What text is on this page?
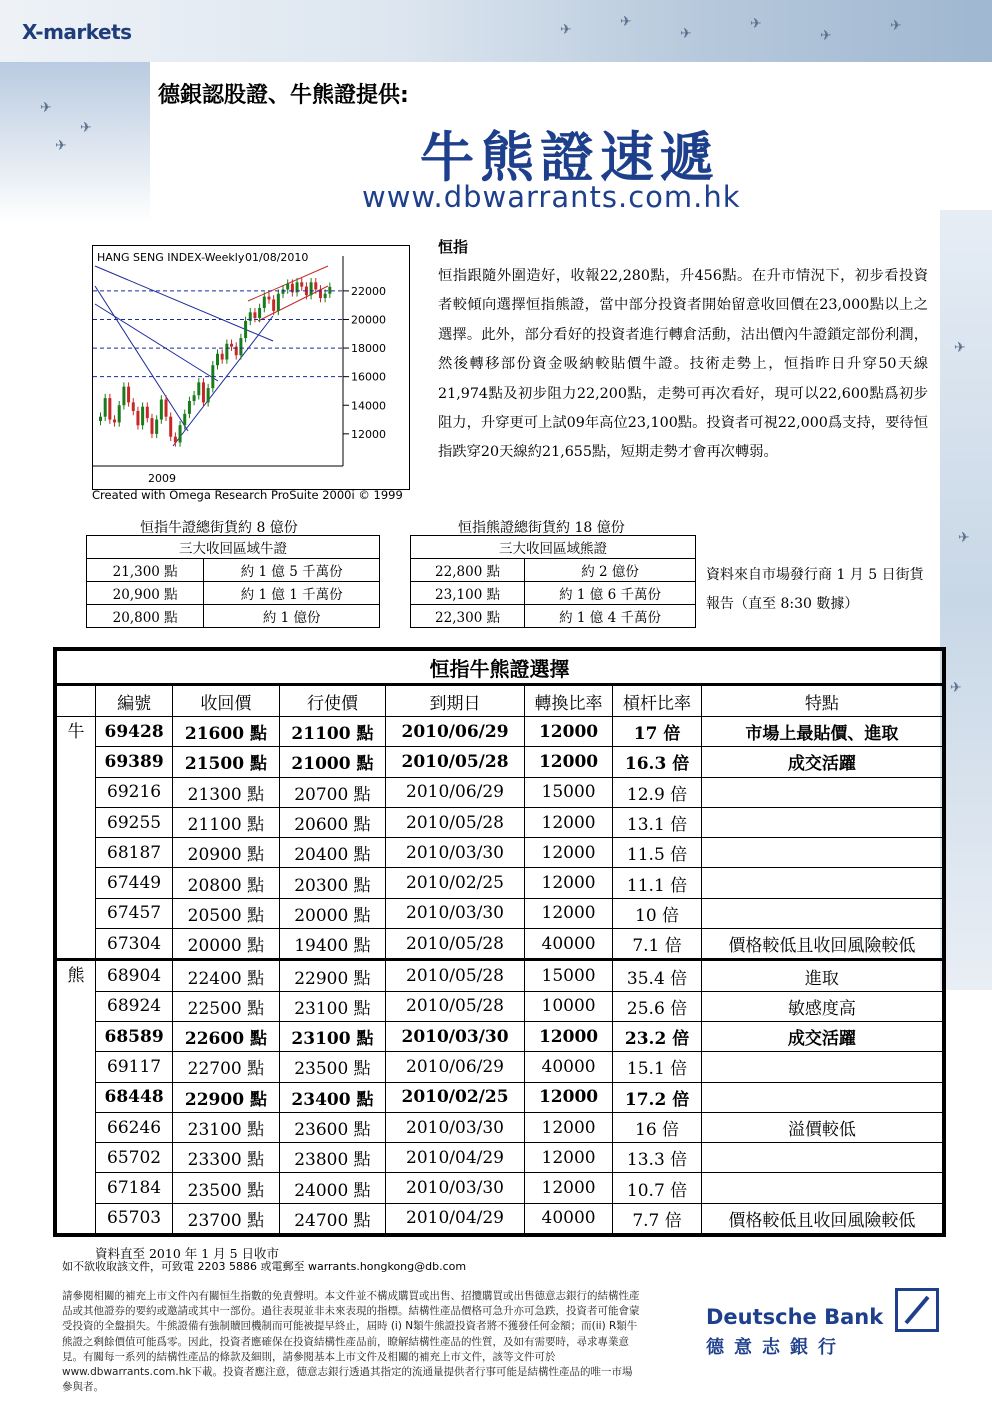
X-markets
✈
✈
✈
✈
✈
✈
✈	✈
✈
✈
✈
✈
德銀認股證、牛熊證提供:
牛熊證速遞
www.dbwarrants.com.hk
HANG SENG INDEX-Weekly 01/08/2010
2009
12000
14000
16000
18000
20000
22000
Created with Omega Research ProSuite 2000i © 1999
恒指
恒指跟隨外圍造好，收報22,280點，升456點。在升市情況下，初步看投資者較傾向選擇恒指熊證，當中部分投資者開始留意收回價在23,000點以上之選擇。此外，部分看好的投資者進行轉倉活動，沽出價內牛證鎖定部份利潤，然後轉移部份資金吸納較貼價牛證。技術走勢上，恒指昨日升穿50天線21,974點及初步阻力22,200點，走勢可再次看好，現可以22,600點爲初步阻力，升穿更可上試09年高位23,100點。投資者可視22,000爲支持，要待恒指跌穿20天線約21,655點，短期走勢才會再次轉弱。
恒指牛證總街貨約 8 億份
三大收回區域牛證	
21,300 點	約 1 億 5 千萬份
20,900 點	約 1 億 1 千萬份
20,800 點	約 1 億份
恒指熊證總街貨約 18 億份
三大收回區域熊證	
22,800 點	約 2 億份
23,100 點	約 1 億 6 千萬份
22,300 點	約 1 億 4 千萬份
資料來自市場發行商 1 月 5 日街貨報告（直至 8:30 數據）
恒指牛熊證選擇							
	編號	收回價	行使價	到期日	轉換比率	槓杆比率	特點
牛	69428	21600 點	21100 點	2010/06/29	12000	17 倍	市場上最貼價、進取
	69389	21500 點	21000 點	2010/05/28	12000	16.3 倍	成交活躍
	69216	21300 點	20700 點	2010/06/29	15000	12.9 倍	
	69255	21100 點	20600 點	2010/05/28	12000	13.1 倍	
	68187	20900 點	20400 點	2010/03/30	12000	11.5 倍	
	67449	20800 點	20300 點	2010/02/25	12000	11.1 倍	
	67457	20500 點	20000 點	2010/03/30	12000	10 倍	
	67304	20000 點	19400 點	2010/05/28	40000	7.1 倍	價格較低且收回風險較低
熊	68904	22400 點	22900 點	2010/05/28	15000	35.4 倍	進取
	68924	22500 點	23100 點	2010/05/28	10000	25.6 倍	敏感度高
	68589	22600 點	23100 點	2010/03/30	12000	23.2 倍	成交活躍
	69117	22700 點	23500 點	2010/06/29	40000	15.1 倍	
	68448	22900 點	23400 點	2010/02/25	12000	17.2 倍	
	66246	23100 點	23600 點	2010/03/30	12000	16 倍	溢價較低
	65702	23300 點	23800 點	2010/04/29	12000	13.3 倍	
	67184	23500 點	24000 點	2010/03/30	12000	10.7 倍	
	65703	23700 點	24700 點	2010/04/29	40000	7.7 倍	價格較低且收回風險較低
資料直至 2010 年 1 月 5 日收市
如不欲收取該文件，可致電 2203 5886 或電郵至 warrants.hongkong@db.com
請參閱相關的補充上市文件內有關恒生指數的免責聲明。本文件並不構成購買或出售、招攬購買或出售德意志銀行的結構性產品或其他證券的要約或邀請或其中一部份。過往表現並非未來表現的指標。結構性產品價格可急升亦可急跌，投資者可能會蒙受投資的全盤損失。牛熊證備有強制贖回機制而可能被提早終止，屆時 (i) N類牛熊證投資者將不獲發任何金額；而(ii) R類牛熊證之剩餘價值可能爲零。因此，投資者應確保在投資結構性產品前，瞭解結構性產品的性質，及如有需要時，尋求專業意見。有關每一系列的結構性產品的條款及細則，請參閱基本上市文件及相關的補充上市文件，該等文件可於www.dbwarrants.com.hk下載。投資者應注意，德意志銀行透過其指定的流通量提供者行事可能是結構性產品的唯一市場參與者。
Deutsche Bank
德意志銀行
